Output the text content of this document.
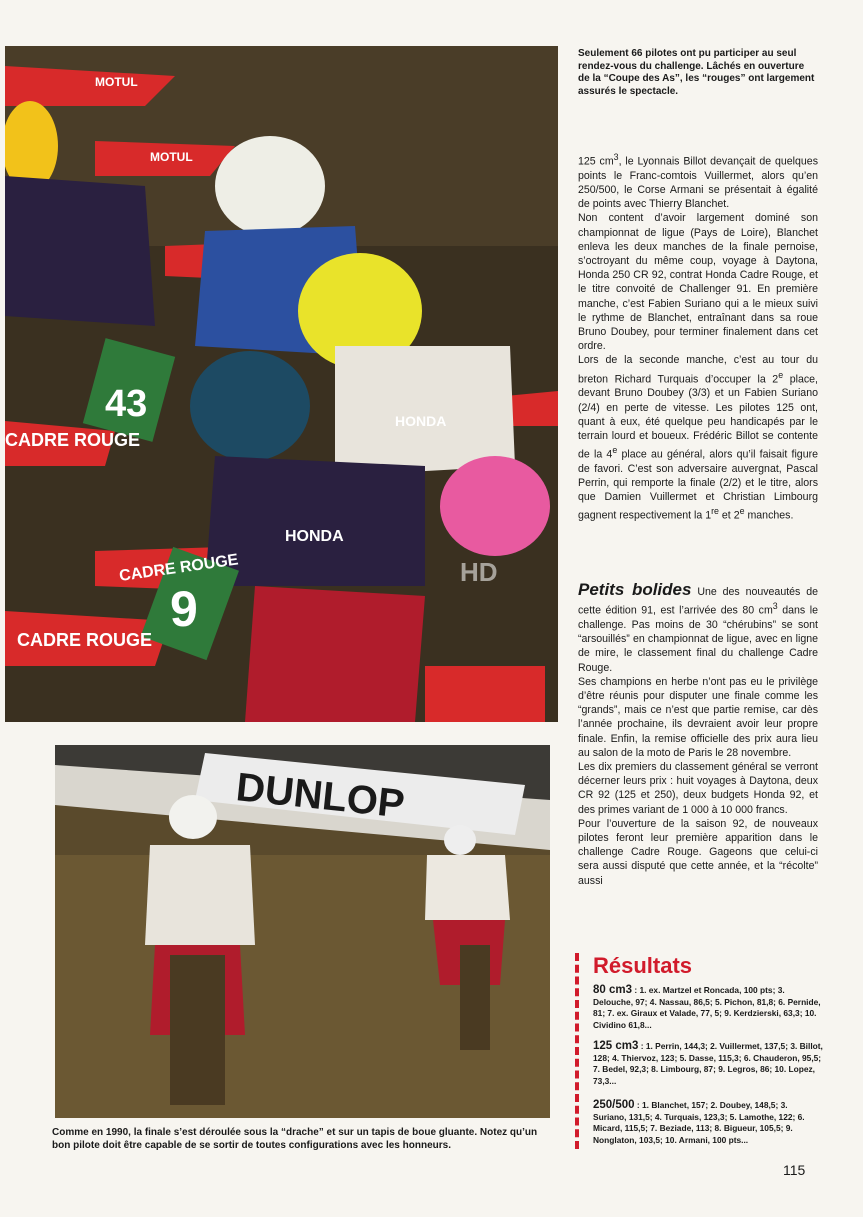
CADRE ROUGE
CADRE ROUGE
CADRE ROUGE
43
9
MOTUL
MOTUL
HONDA
HONDA
HD
Seulement 66 pilotes ont pu participer au seul rendez-vous du challenge. Lâchés en ouverture de la “Coupe des As”, les “rouges” ont largement assurés le spectacle.

125 $cm^3$, le Lyonnais Billot devançait de quelques points le Franc-comtois Vuillermet, alors qu’en 250/500, le Corse Armani se présentait à égalité de points avec Thierry Blanchet.

Non content d’avoir largement dominé son championnat de ligue (Pays de Loire), Blanchet enleva les deux manches de la finale pernoise, s’octroyant du même coup, voyage à Daytona, Honda 250 CR 92, contrat Honda Cadre Rouge, et le titre convoité de Challenger 91. En première manche, c’est Fabien Suriano qui a le mieux suivi le rythme de Blanchet, entraînant dans sa roue Bruno Doubey, pour terminer finalement dans cet ordre.

Lors de la seconde manche, c’est au tour du breton Richard Turquais d’occuper la 2e place, devant Bruno Doubey (3/3) et un Fabien Suriano (2/4) en perte de vitesse. Les pilotes 125 ont, quant à eux, été quelque peu handicapés par le terrain lourd et boueux. Frédéric Billot se contente de la 4e place au général, alors qu’il faisait figure de favori. C’est son adversaire auvergnat, Pascal Perrin, qui remporte la finale (2/2) et le titre, alors que Damien Vuillermet et Christian Limbourg gagnent respectivement la 1re et 2e manches.

Petits bolides Une des nouveautés de cette édition 91, est l’arrivée des 80 $cm^3$ dans le challenge. Pas moins de 30 “chérubins” se sont “arsouillés” en championnat de ligue, avec en ligne de mire, le classement final du challenge Cadre Rouge.

Ses champions en herbe n’ont pas eu le privilège d’être réunis pour disputer une finale comme les “grands”, mais ce n’est que partie remise, car dès l’année prochaine, ils devraient avoir leur propre finale. Enfin, la remise officielle des prix aura lieu au salon de la moto de Paris le 28 novembre.

Les dix premiers du classement général se verront décerner leurs prix : huit voyages à Daytona, deux CR 92 (125 et 250), deux budgets Honda 92, et des primes variant de 1 000 à 10 000 francs.

Pour l’ouverture de la saison 92, de nouveaux pilotes feront leur première apparition dans le challenge Cadre Rouge. Gageons que celui-ci sera aussi disputé que cette année, et la “récolte” aussi

DUNLOP
Comme en 1990, la finale s’est déroulée sous la “drache” et sur un tapis de boue gluante. Notez qu’un bon pilote doit être capable de se sortir de toutes configurations avec les honneurs.
Résultats
80 cm3 : 1. ex. Martzel et Roncada, 100 pts; 3. Delouche, 97; 4. Nassau, 86,5; 5. Pichon, 81,8; 6. Pernide, 81; 7. ex. Giraux et Valade, 77, 5; 9. Kerdzierski, 63,3; 10. Cividino 61,8...
125 cm3 : 1. Perrin, 144,3; 2. Vuillermet, 137,5; 3. Billot, 128; 4. Thiervoz, 123; 5. Dasse, 115,3; 6. Chauderon, 95,5; 7. Bedel, 92,3; 8. Limbourg, 87; 9. Legros, 86; 10. Lopez, 73,3...
250/500 : 1. Blanchet, 157; 2. Doubey, 148,5; 3. Suriano, 131,5; 4. Turquais, 123,3; 5. Lamothe, 122; 6. Micard, 115,5; 7. Beziade, 113; 8. Bigueur, 105,5; 9. Nonglaton, 103,5; 10. Armani, 100 pts...
115
